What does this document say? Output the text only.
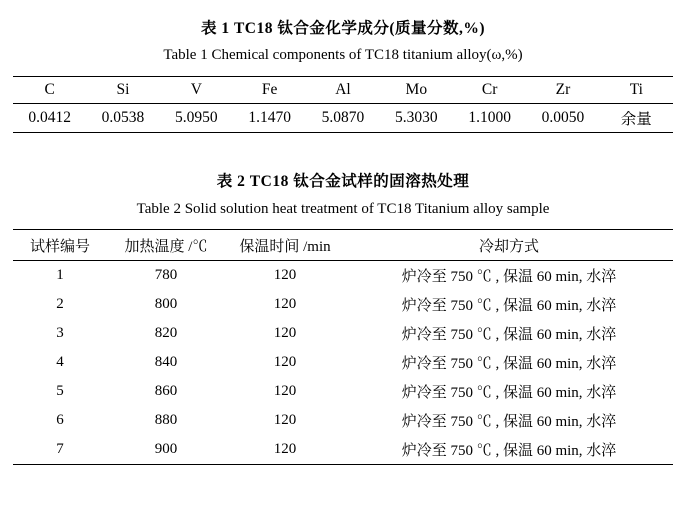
表 1 TC18 钛合金化学成分(质量分数,%)

Table 1 Chemical components of TC18 titanium alloy(ω,%)

C	Si	V	Fe	Al	Mo	Cr	Zr	Ti
0.0412	0.0538	5.0950	1.1470	5.0870	5.3030	1.1000	0.0050	余量

表 2 TC18 钛合金试样的固溶热处理

Table 2 Solid solution heat treatment of TC18 Titanium alloy sample

试样编号	加热温度 /℃	保温时间 /min	冷却方式
1	780	120	炉冷至 750 ℃ , 保温 60 min, 水淬
2	800	120	炉冷至 750 ℃ , 保温 60 min, 水淬
3	820	120	炉冷至 750 ℃ , 保温 60 min, 水淬
4	840	120	炉冷至 750 ℃ , 保温 60 min, 水淬
5	860	120	炉冷至 750 ℃ , 保温 60 min, 水淬
6	880	120	炉冷至 750 ℃ , 保温 60 min, 水淬
7	900	120	炉冷至 750 ℃ , 保温 60 min, 水淬
